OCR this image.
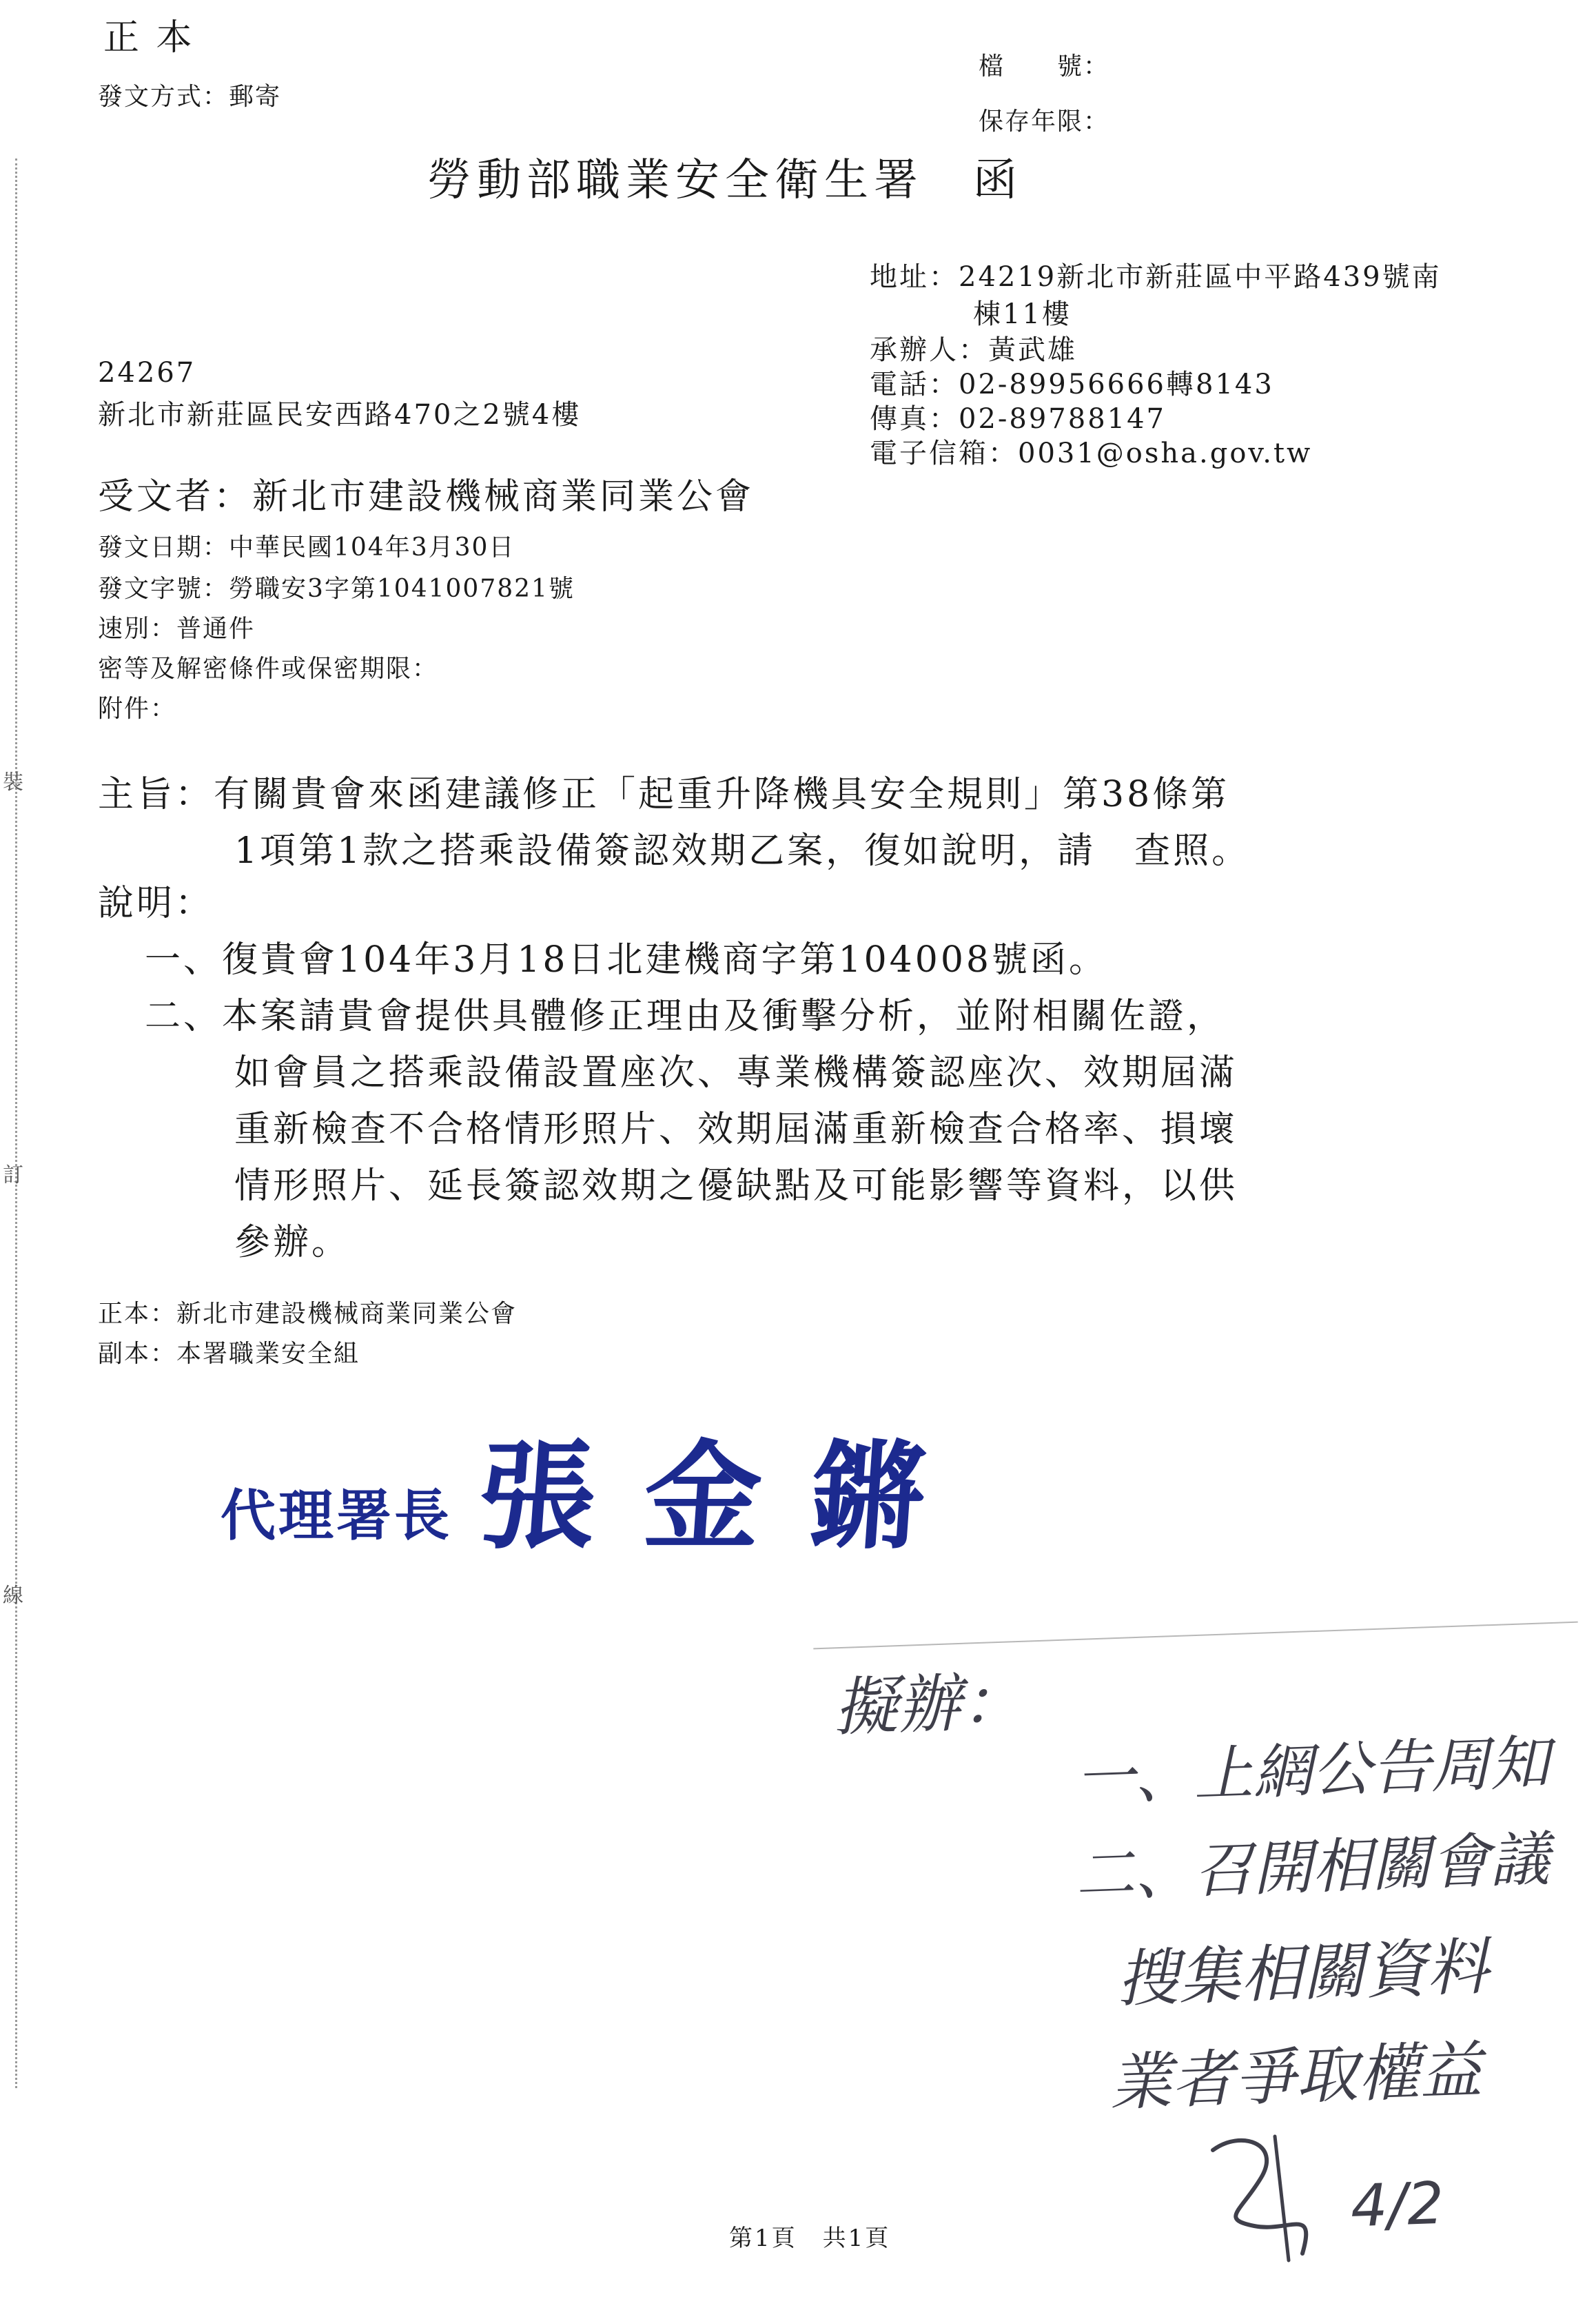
裝
訂
線
正 本
發文方式：郵寄
檔　　號：
保存年限：
勞動部職業安全衛生署　函
地址：24219新北市新莊區中平路439號南
棟11樓
承辦人：黃武雄
電話：02-89956666轉8143
傳真：02-89788147
電子信箱：0031@osha.gov.tw
24267
新北市新莊區民安西路470之2號4樓
受文者：新北市建設機械商業同業公會
發文日期：中華民國104年3月30日
發文字號：勞職安3字第1041007821號
速別：普通件
密等及解密條件或保密期限：
附件：
主旨：有關貴會來函建議修正「起重升降機具安全規則」第38條第
1項第1款之搭乘設備簽認效期乙案，復如說明，請　查照。
說明：
一、復貴會104年3月18日北建機商字第104008號函。
二、本案請貴會提供具體修正理由及衝擊分析，並附相關佐證，
如會員之搭乘設備設置座次、專業機構簽認座次、效期屆滿
重新檢查不合格情形照片、效期屆滿重新檢查合格率、損壞
情形照片、延長簽認效期之優缺點及可能影響等資料，以供
參辦。
正本：新北市建設機械商業同業公會
副本：本署職業安全組
代理署長 張金鏘
擬辦：
一、上網公告周知
二、召開相關會議
搜集相關資料
業者爭取權益
4/2
第1頁　共1頁
